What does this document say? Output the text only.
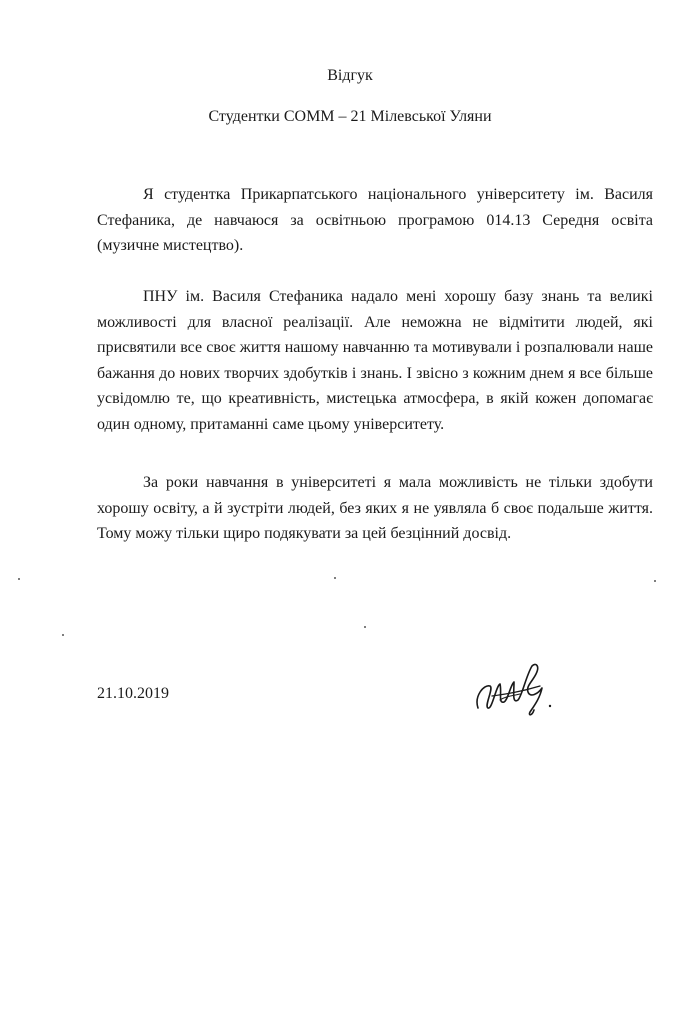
Відгук
Студентки СОММ – 21 Мілевської Уляни

Я студентка Прикарпатського національного університету ім. Василя Стефаника, де навчаюся за освітньою програмою 014.13 Середня освіта (музичне мистецтво).

ПНУ ім. Василя Стефаника надало мені хорошу базу знань та великі можливості для власної реалізації. Але неможна не відмітити людей, які присвятили все своє життя нашому навчанню та мотивували і розпалювали наше бажання до нових творчих здобутків і знань. І звісно з кожним днем я все більше усвідомлю те, що креативність, мистецька атмосфера, в якій кожен допомагає один одному, притаманні саме цьому університету.

За роки навчання в університеті я мала можливість не тільки здобути хорошу освіту, а й зустріти людей, без яких я не уявляла б своє подальше життя. Тому можу тільки щиро подякувати за цей безцінний досвід.

21.10.2019
